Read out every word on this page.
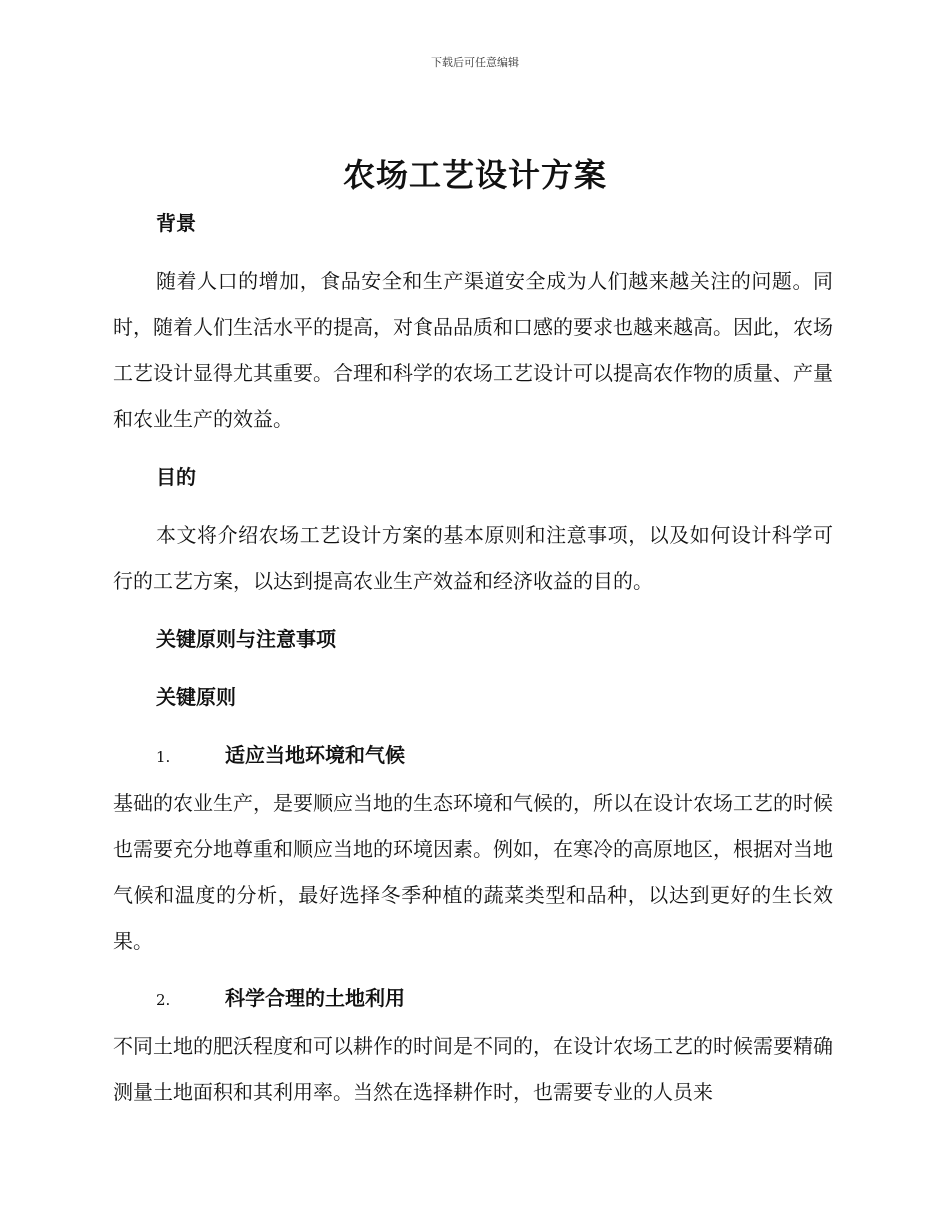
下载后可任意编辑
农场工艺设计方案

背景

随着人口的增加，食品安全和生产渠道安全成为人们越来越关注的问题。同时，随着人们生活水平的提高，对食品品质和口感的要求也越来越高。因此，农场工艺设计显得尤其重要。合理和科学的农场工艺设计可以提高农作物的质量、产量和农业生产的效益。

目的

本文将介绍农场工艺设计方案的基本原则和注意事项，以及如何设计科学可行的工艺方案，以达到提高农业生产效益和经济收益的目的。

关键原则与注意事项

关键原则

1.	适应当地环境和气候

基础的农业生产，是要顺应当地的生态环境和气候的，所以在设计农场工艺的时候也需要充分地尊重和顺应当地的环境因素。例如，在寒冷的高原地区，根据对当地气候和温度的分析，最好选择冬季种植的蔬菜类型和品种，以达到更好的生长效果。

2.	科学合理的土地利用

不同土地的肥沃程度和可以耕作的时间是不同的，在设计农场工艺的时候需要精确测量土地面积和其利用率。当然在选择耕作时，也需要专业的人员来
